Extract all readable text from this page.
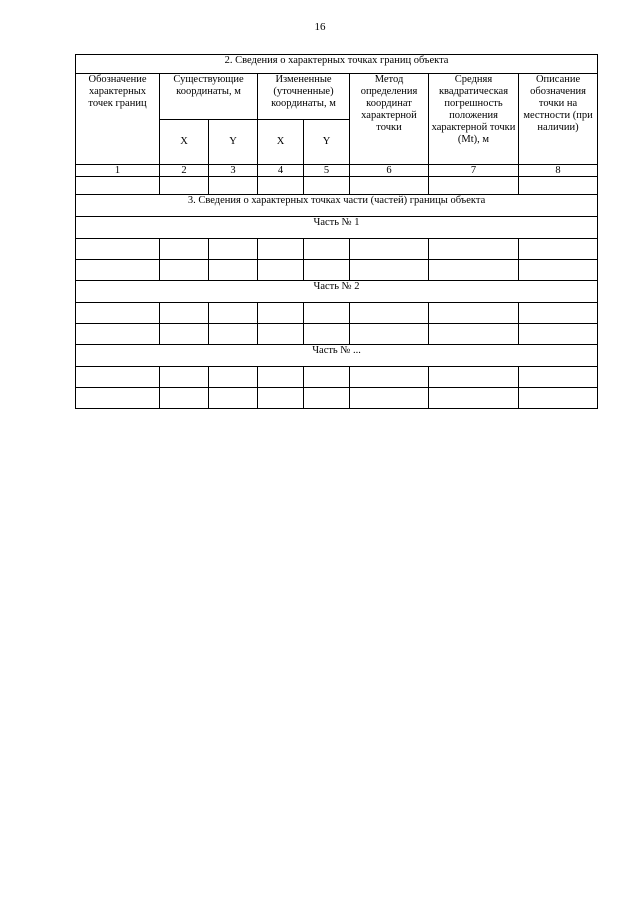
16
2. Сведения о характерных точках границ объекта							
Обозначение характерных точек границ	Существующие координаты, м		Измененные (уточненные) координаты, м		Метод определения координат характерной точки	Средняя квадратическая погрешность положения характерной точки (Mt), м	Описание обозначения точки на местности (при наличии)
	X	Y	X	Y			
1	2	3	4	5	6	7	8

3. Сведения о характерных точках части (частей) границы объекта							
Часть № 1							

Часть № 2							

Часть № ...							
